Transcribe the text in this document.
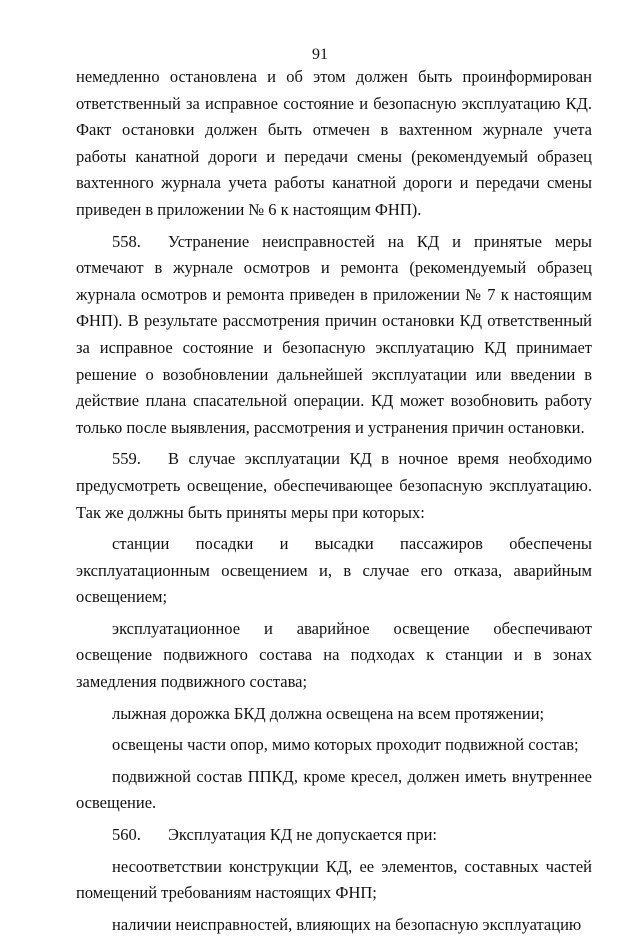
91

немедленно остановлена и об этом должен быть проинформирован ответственный за исправное состояние и безопасную эксплуатацию КД. Факт остановки должен быть отмечен в вахтенном журнале учета работы канатной дороги и передачи смены (рекомендуемый образец вахтенного журнала учета работы канатной дороги и передачи смены приведен в приложении № 6 к настоящим ФНП).

558. Устранение неисправностей на КД и принятые меры отмечают в журнале осмотров и ремонта (рекомендуемый образец журнала осмотров и ремонта приведен в приложении № 7 к настоящим ФНП). В результате рассмотрения причин остановки КД ответственный за исправное состояние и безопасную эксплуатацию КД принимает решение о возобновлении дальнейшей эксплуатации или введении в действие плана спасательной операции. КД может возобновить работу только после выявления, рассмотрения и устранения причин остановки.

559. В случае эксплуатации КД в ночное время необходимо предусмотреть освещение, обеспечивающее безопасную эксплуатацию. Так же должны быть приняты меры при которых:

станции посадки и высадки пассажиров обеспечены эксплуатационным освещением и, в случае его отказа, аварийным освещением;

эксплуатационное и аварийное освещение обеспечивают освещение подвижного состава на подходах к станции и в зонах замедления подвижного состава;

лыжная дорожка БКД должна освещена на всем протяжении;

освещены части опор, мимо которых проходит подвижной состав;

подвижной состав ППКД, кроме кресел, должен иметь внутреннее освещение.

560. Эксплуатация КД не допускается при:

несоответствии конструкции КД, ее элементов, составных частей помещений требованиям настоящих ФНП;

наличии неисправностей, влияющих на безопасную эксплуатацию
